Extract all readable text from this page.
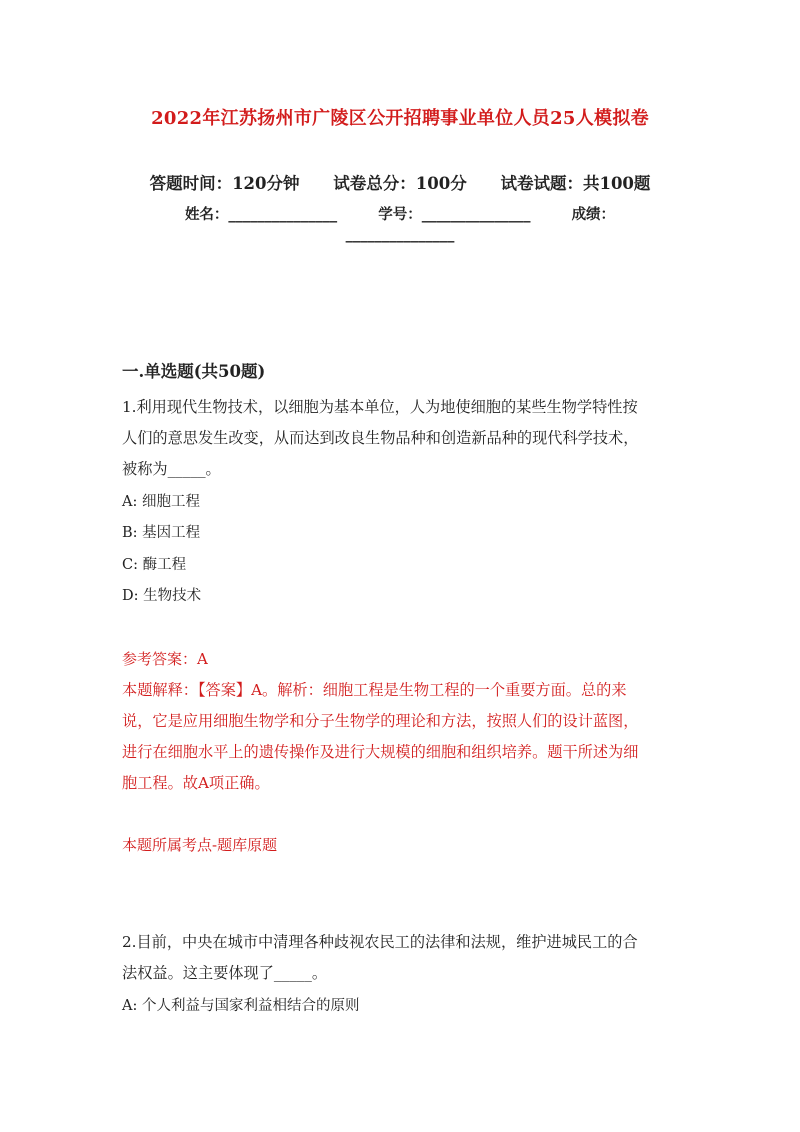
2022年江苏扬州市广陵区公开招聘事业单位人员25人模拟卷
答题时间：120分钟 试卷总分：100分 试卷试题：共100题
姓名：_______________	学号：_______________	成绩：
_______________
一.单选题(共50题)
1.利用现代生物技术，以细胞为基本单位，人为地使细胞的某些生物学特性按
人们的意思发生改变，从而达到改良生物品种和创造新品种的现代科学技术，
被称为_____。
A: 细胞工程
B: 基因工程
C: 酶工程
D: 生物技术
参考答案：A
本题解释：【答案】A。解析：细胞工程是生物工程的一个重要方面。总的来
说，它是应用细胞生物学和分子生物学的理论和方法，按照人们的设计蓝图，
进行在细胞水平上的遗传操作及进行大规模的细胞和组织培养。题干所述为细
胞工程。故A项正确。
本题所属考点-题库原题
2.目前，中央在城市中清理各种歧视农民工的法律和法规，维护进城民工的合
法权益。这主要体现了_____。
A: 个人利益与国家利益相结合的原则
